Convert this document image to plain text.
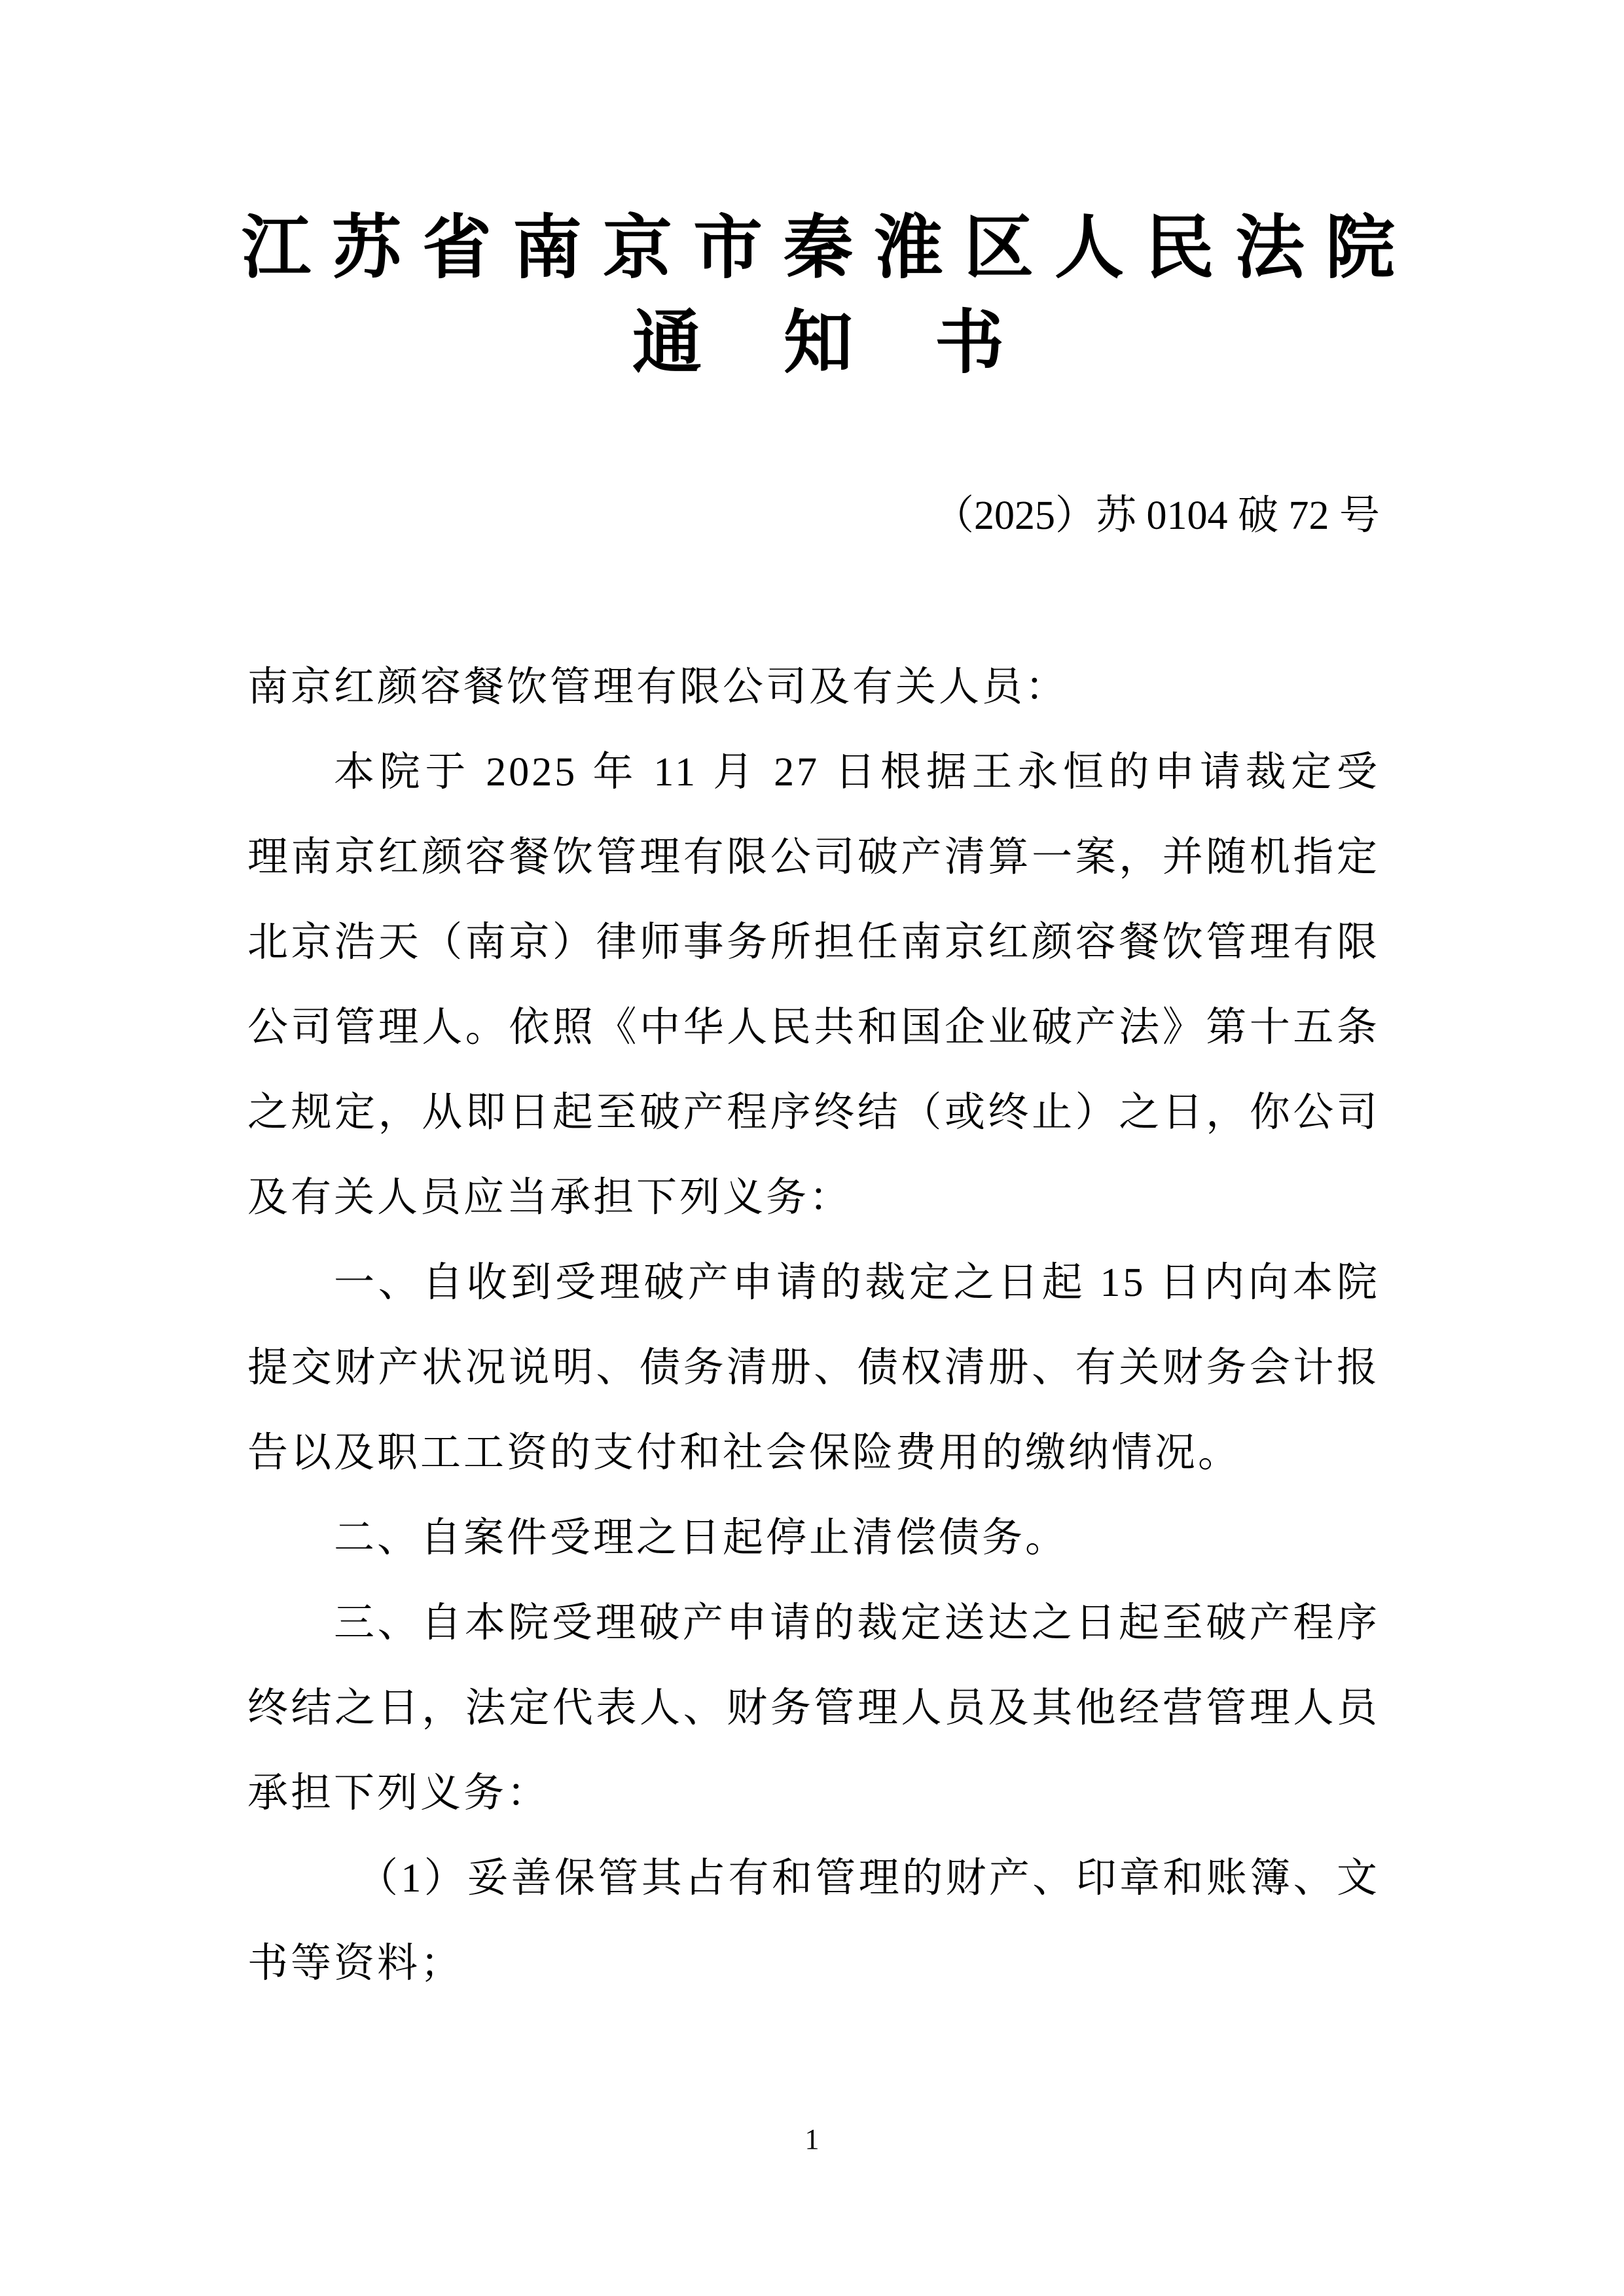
江苏省南京市秦淮区人民法院
通知书
（2025）苏 0104 破 72 号
南京红颜容餐饮管理有限公司及有关人员：
本院于 2025 年 11 月 27 日根据王永恒的申请裁定受
理南京红颜容餐饮管理有限公司破产清算一案，并随机指定
北京浩天（南京）律师事务所担任南京红颜容餐饮管理有限
公司管理人。依照《中华人民共和国企业破产法》第十五条
之规定，从即日起至破产程序终结（或终止）之日，你公司
及有关人员应当承担下列义务：
一、自收到受理破产申请的裁定之日起 15 日内向本院
提交财产状况说明、债务清册、债权清册、有关财务会计报
告以及职工工资的支付和社会保险费用的缴纳情况。
二、自案件受理之日起停止清偿债务。
三、自本院受理破产申请的裁定送达之日起至破产程序
终结之日，法定代表人、财务管理人员及其他经营管理人员
承担下列义务：
（1）妥善保管其占有和管理的财产、印章和账簿、文
书等资料；
1
